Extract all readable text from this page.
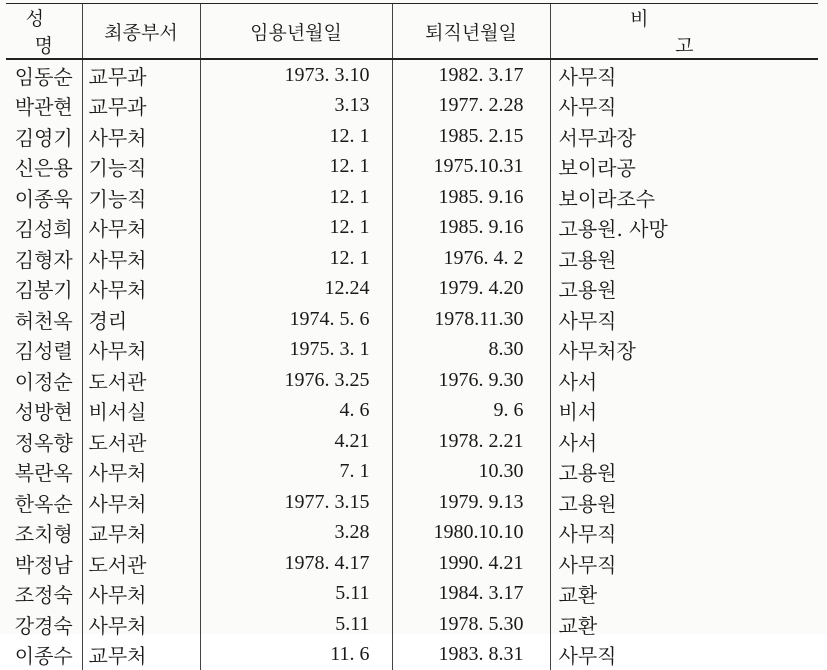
성 명	최종부서	임용년월일	퇴직년월일	비 고
임동순	교무과	1973. 3.10	1982. 3.17	사무직
박관현	교무과	3.13	1977. 2.28	사무직
김영기	사무처	12. 1	1985. 2.15	서무과장
신은용	기능직	12. 1	1975.10.31	보이라공
이종욱	기능직	12. 1	1985. 9.16	보이라조수
김성희	사무처	12. 1	1985. 9.16	고용원. 사망
김형자	사무처	12. 1	1976. 4. 2	고용원
김봉기	사무처	12.24	1979. 4.20	고용원
허천옥	경리	1974. 5. 6	1978.11.30	사무직
김성렬	사무처	1975. 3. 1	8.30	사무처장
이정순	도서관	1976. 3.25	1976. 9.30	사서
성방현	비서실	4. 6	9. 6	비서
정옥향	도서관	4.21	1978. 2.21	사서
복란옥	사무처	7. 1	10.30	고용원
한옥순	사무처	1977. 3.15	1979. 9.13	고용원
조치형	교무처	3.28	1980.10.10	사무직
박정남	도서관	1978. 4.17	1990. 4.21	사무직
조정숙	사무처	5.11	1984. 3.17	교환
강경숙	사무처	5.11	1978. 5.30	교환
이종수	교무처	11. 6	1983. 8.31	사무직
